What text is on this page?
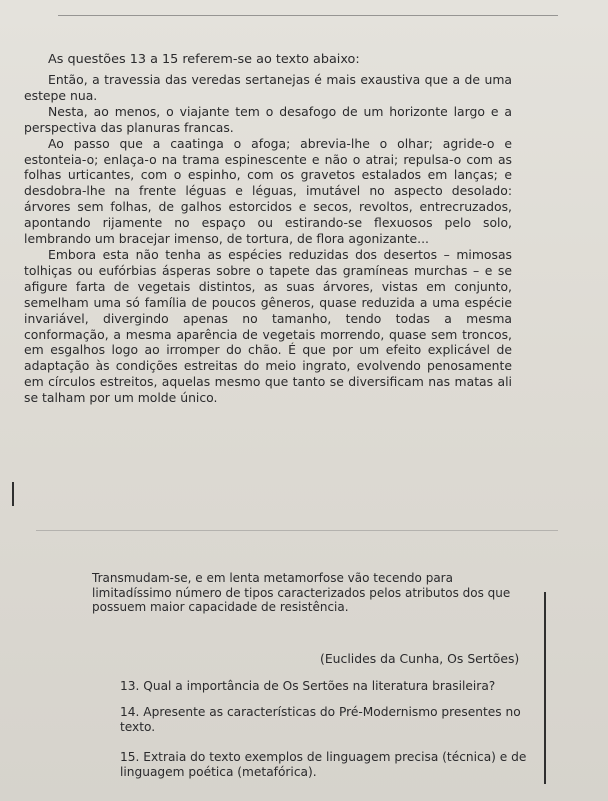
As questões 13 a 15 referem-se ao texto abaixo:

Então, a travessia das veredas sertanejas é mais exaustiva que a de uma estepe nua.

Nesta, ao menos, o viajante tem o desafogo de um horizonte largo e a perspectiva das planuras francas.

Ao passo que a caatinga o afoga; abrevia-lhe o olhar; agride-o e estonteia-o; enlaça-o na trama espinescente e não o atrai; repulsa-o com as folhas urticantes, com o espinho, com os gravetos estalados em lanças; e desdobra-lhe na frente léguas e léguas, imutável no aspecto desolado: árvores sem folhas, de galhos estorcidos e secos, revoltos, entrecruzados, apontando rijamente no espaço ou estirando-se flexuosos pelo solo, lembrando um bracejar imenso, de tortura, de flora agonizante...

Embora esta não tenha as espécies reduzidas dos desertos – mimosas tolhiças ou eufórbias ásperas sobre o tapete das gramíneas murchas – e se afigure farta de vegetais distintos, as suas árvores, vistas em conjunto, semelham uma só família de poucos gêneros, quase reduzida a uma espécie invariável, divergindo apenas no tamanho, tendo todas a mesma conformação, a mesma aparência de vegetais morrendo, quase sem troncos, em esgalhos logo ao irromper do chão. É que por um efeito explicável de adaptação às condições estreitas do meio ingrato, evolvendo penosamente em círculos estreitos, aquelas mesmo que tanto se diversificam nas matas ali se talham por um molde único.

Transmudam-se, e em lenta metamorfose vão tecendo para limitadíssimo número de tipos caracterizados pelos atributos dos que possuem maior capacidade de resistência.
(Euclides da Cunha, Os Sertões)
13. Qual a importância de Os Sertões na literatura brasileira?
14. Apresente as características do Pré-Modernismo presentes no texto.
15. Extraia do texto exemplos de linguagem precisa (técnica) e de linguagem poética (metafórica).
